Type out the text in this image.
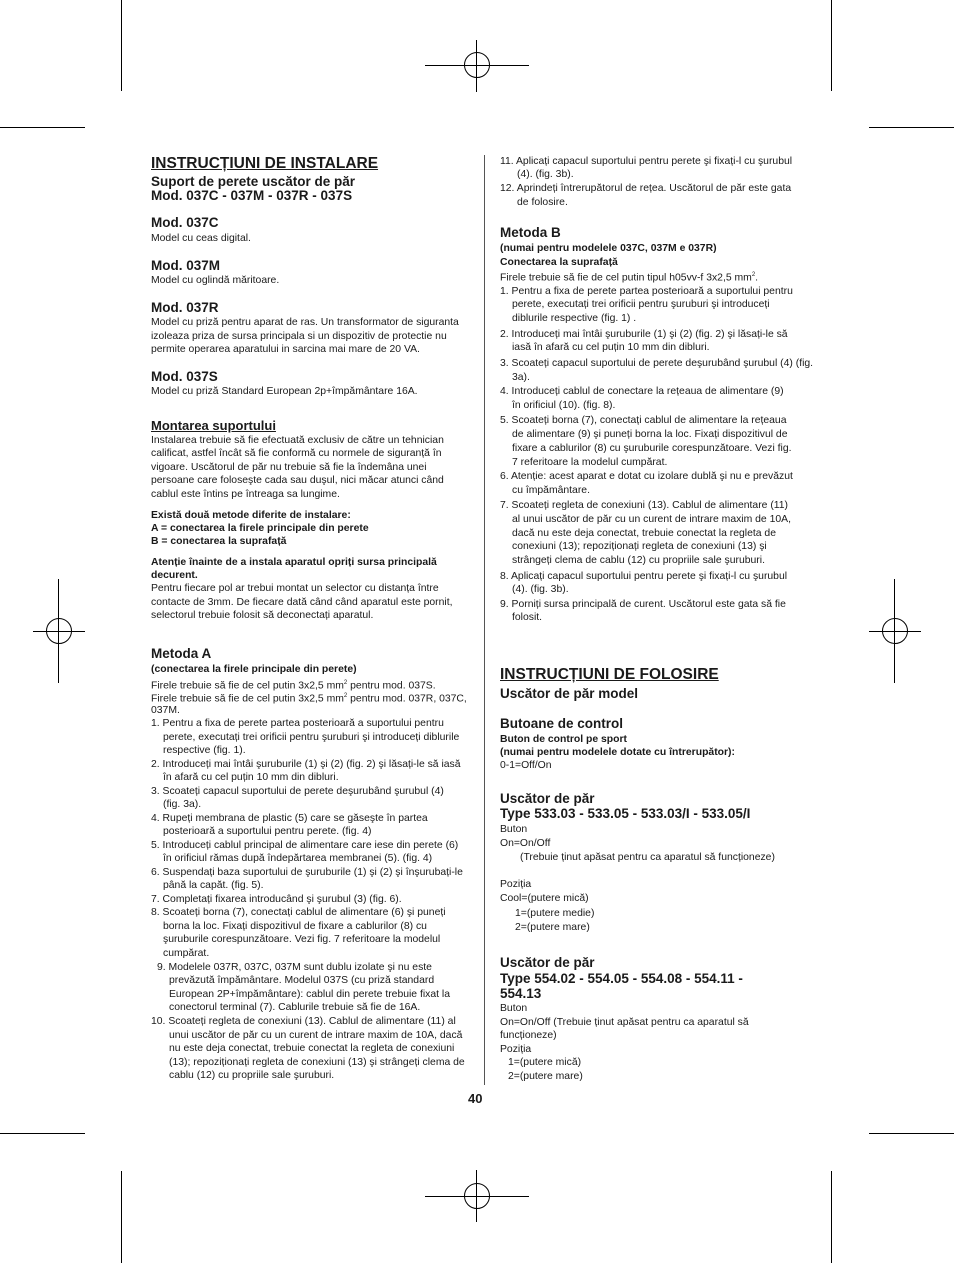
INSTRUCȚIUNI DE INSTALARE
Suport de perete uscător de păr
Mod. 037C - 037M - 037R - 037S
Mod. 037C
Model cu ceas digital.
Mod. 037M
Model cu oglindă măritoare.
Mod. 037R
Model cu priză pentru aparat de ras. Un transformator de siguranta
izoleaza priza de sursa principala si un dispozitiv de protectie nu
permite operarea aparatului in sarcina mai mare de 20 VA.
Mod. 037S
Model cu priză Standard European 2p+împământare 16A.
Montarea suportului
Instalarea trebuie să fie efectuată exclusiv de către un tehnician
calificat, astfel încât să fie conformă cu normele de siguranță în
vigoare. Uscătorul de păr nu trebuie să fie la îndemâna unei
persoane care foloseşte cada sau duşul, nici măcar atunci când
cablul este întins pe întreaga sa lungime.
Există două metode diferite de instalare:
A = conectarea la firele principale din perete
B = conectarea la suprafață
Atenție înainte de a instala aparatul opriți sursa principală
decurent.
Pentru fiecare pol ar trebui montat un selector cu distanța între
contacte de 3mm. De fiecare dată când când aparatul este pornit,
selectorul trebuie folosit să deconectați aparatul.
Metoda A
(conectarea la firele principale din perete)
Firele trebuie să fie de cel putin 3x2,5 $mm^2$ pentru mod. 037S.
Firele trebuie să fie de cel putin 3x2,5 $mm^2$ pentru mod. 037R, 037C,
037M.
1. Pentru a fixa de perete partea posterioară a suportului pentru
perete, executați trei orificii pentru şuruburi şi introduceți diblurile
respective (fig. 1).
2. Introduceți mai întâi şuruburile (1) şi (2) (fig. 2) şi lăsați-le să iasă
în afară cu cel puțin 10 mm din dibluri.
3. Scoateți capacul suportului de perete deşurubând şurubul (4)
(fig. 3a).
4. Rupeți membrana de plastic (5) care se găseşte în partea
posterioară a suportului pentru perete. (fig. 4)
5. Introduceți cablul principal de alimentare care iese din perete (6)
în orificiul rămas după îndepărtarea membranei (5). (fig. 4)
6. Suspendați baza suportului de şuruburile (1) şi (2) şi înşurubați-le
până la capăt. (fig. 5).
7. Completați fixarea introducând şi şurubul (3) (fig. 6).
8. Scoateți borna (7), conectați cablul de alimentare (6) şi puneți
borna la loc. Fixați dispozitivul de fixare a cablurilor (8) cu
şuruburile corespunzătoare. Vezi fig. 7 referitoare la modelul
cumpărat.
9. Modelele 037R, 037C, 037M sunt dublu izolate şi nu este
prevăzută împământare. Modelul 037S (cu priză standard
European 2P+împământare): cablul din perete trebuie fixat la
conectorul terminal (7). Cablurile trebuie să fie de 16A.
10. Scoateți regleta de conexiuni (13). Cablul de alimentare (11) al
unui uscător de păr cu un curent de intrare maxim de 10A, dacă
nu este deja conectat, trebuie conectat la regleta de conexiuni
(13); repoziționați regleta de conexiuni (13) şi strângeți clema de
cablu (12) cu propriile sale şuruburi.
11. Aplicați capacul suportului pentru perete şi fixați-l cu şurubul
(4). (fig. 3b).
12. Aprindeți întrerupătorul de rețea. Uscătorul de păr este gata
de folosire.
Metoda B
(numai pentru modelele 037C, 037M e 037R)
Conectarea la suprafață
Firele trebuie să fie de cel putin tipul h05vv-f 3x2,5 $mm^2$.
1. Pentru a fixa de perete partea posterioară a suportului pentru
perete, executați trei orificii pentru şuruburi şi introduceți
diblurile respective (fig. 1) .
2. Introduceți mai întâi şuruburile (1) şi (2) (fig. 2) şi lăsați-le să
iasă în afară cu cel puțin 10 mm din dibluri.
3. Scoateți capacul suportului de perete deşurubând şurubul (4) (fig.
3a).
4. Introduceți cablul de conectare la rețeaua de alimentare (9)
în orificiul (10). (fig. 8).
5. Scoateți borna (7), conectați cablul de alimentare la rețeaua
de alimentare (9) şi puneți borna la loc. Fixați dispozitivul de
fixare a cablurilor (8) cu şuruburile corespunzătoare. Vezi fig.
7 referitoare la modelul cumpărat.
6. Atenție: acest aparat e dotat cu izolare dublă şi nu e prevăzut
cu împământare.
7. Scoateți regleta de conexiuni (13). Cablul de alimentare (11)
al unui uscător de păr cu un curent de intrare maxim de 10A,
dacă nu este deja conectat, trebuie conectat la regleta de
conexiuni (13); repoziționați regleta de conexiuni (13) şi
strângeți clema de cablu (12) cu propriile sale şuruburi.
8. Aplicați capacul suportului pentru perete şi fixați-l cu şurubul
(4). (fig. 3b).
9. Porniți sursa principală de curent. Uscătorul este gata să fie
folosit.
INSTRUCȚIUNI DE FOLOSIRE
Uscător de păr model
Butoane de control
Buton de control pe sport
(numai pentru modelele dotate cu întrerupător):
0-1=Off/On
Uscător de păr
Type 533.03 - 533.05 - 533.03/I - 533.05/I
Buton
On=On/Off
(Trebuie ținut apăsat pentru ca aparatul să funcționeze)
Poziția
Cool=(putere mică)
1=(putere medie)
2=(putere mare)
Uscător de păr
Type 554.02 - 554.05 - 554.08 - 554.11 -
554.13
Buton
On=On/Off (Trebuie ținut apăsat pentru ca aparatul să
funcționeze)
Poziția
1=(putere mică)
2=(putere mare)
40
